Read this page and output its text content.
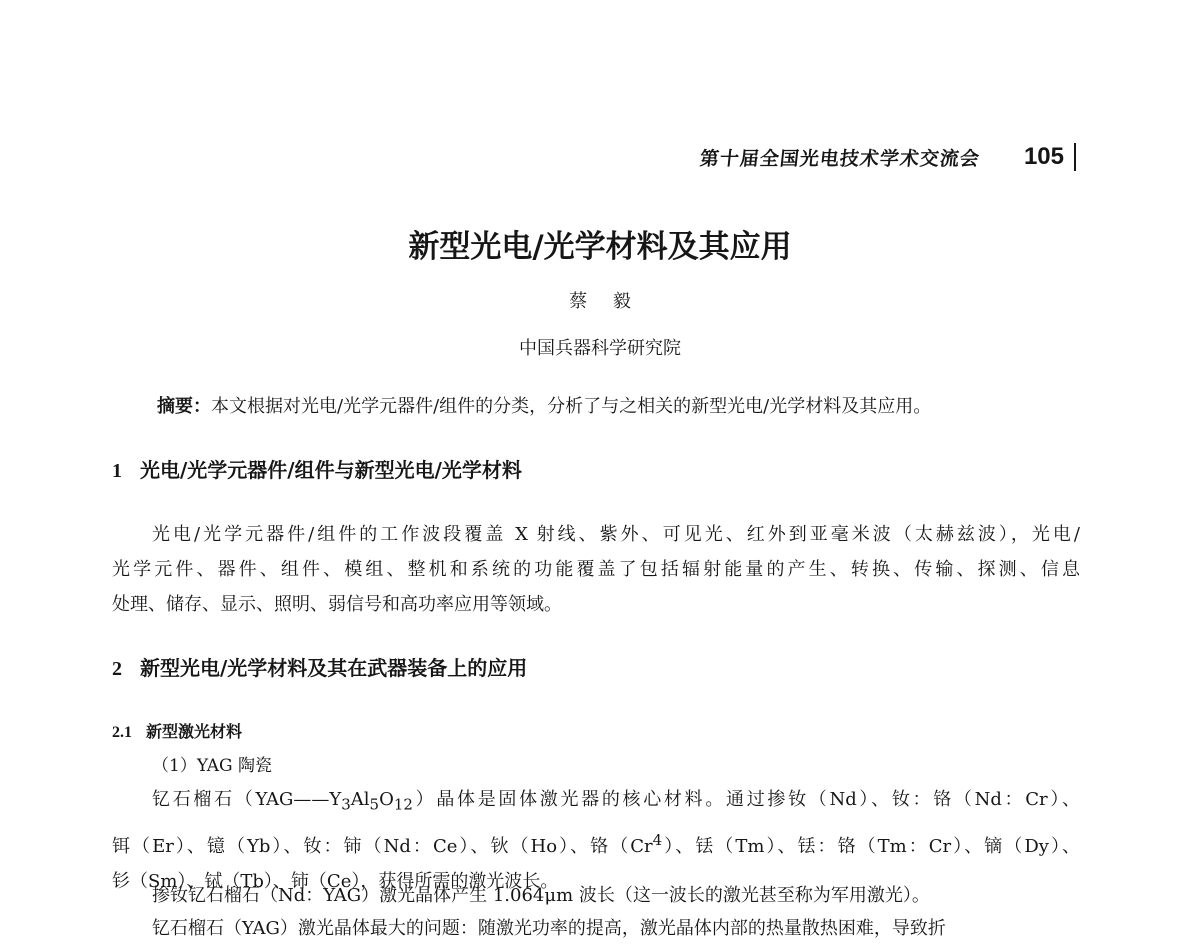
第十届全国光电技术学术交流会 105
新型光电/光学材料及其应用
蔡 毅
中国兵器科学研究院
摘要：本文根据对光电/光学元器件/组件的分类，分析了与之相关的新型光电/光学材料及其应用。
1 光电/光学元器件/组件与新型光电/光学材料
光电/光学元器件/组件的工作波段覆盖 X 射线、紫外、可见光、红外到亚毫米波（太赫兹波），光电/
光学元件、器件、组件、模组、整机和系统的功能覆盖了包括辐射能量的产生、转换、传输、探测、信息
处理、储存、显示、照明、弱信号和高功率应用等领域。
2 新型光电/光学材料及其在武器装备上的应用
2.1 新型激光材料
（1）YAG 陶瓷
钇石榴石$(YAG——Y_3Al_5O_{12})$晶体是固体激光器的核心材料。通过掺钕（Nd）、钕：铬（Nd：Cr）、
铒（Er）、镱（Yb）、钕：铈（Nd：Ce）、钬（Ho）、铬（Cr$^4$）、铥（Tm）、铥：铬（Tm：Cr）、镝（Dy）、
钐（Sm）、铽（Tb）、铈（Ce），获得所需的激光波长。
掺钕钇石榴石（Nd：YAG）激光晶体产生 1.064μm 波长（这一波长的激光甚至称为军用激光）。
钇石榴石（YAG）激光晶体最大的问题：随激光功率的提高，激光晶体内部的热量散热困难，导致折
